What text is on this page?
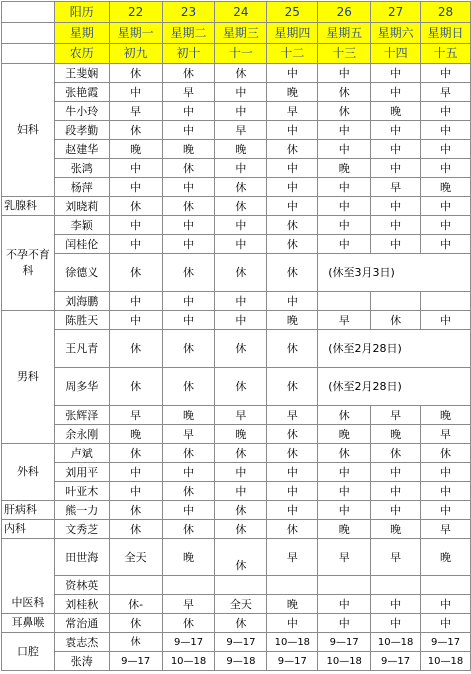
	阳历	22	23	24	25	26	27	28
	星期	星期一	星期二	星期三	星期四	星期五	星期六	星期日
	农历	初九	初十	十一	十二	十三	十四	十五
妇科	王斐娴	休	休	休	中	中	中	中
	张艳霞	中	早	中	晚	休	中	早
	牛小玲	早	中	中	早	休	晚	中
	段孝勤	休	中	早	中	中	中	中
	赵建华	晚	晚	晚	休	中	中	中
	张鸿	中	休	中	中	晚	中	中
	杨萍	中	中	休	中	中	早	晚
乳腺科	刘晓莉	休	休	休	中	中	中	中
不孕不育科	李颖	中	中	中	休	中	中	中
	闰桂伦	中	中	中	休	中	中	中
	徐德义	休	休	休	休	(休至3月3日)		
	刘海鹏	中	中	中	中			
男科	陈胜天	中	中	中	晚	早	休	中
	王凡青	休	休	休	休	(休至2月28日)		
	周多华	休	休	休	休	(休至2月28日)		
	张辉泽	早	晚	早	早	休	早	晚
	余永刚	晚	早	晚	休	晚	晚	早
外科	卢斌	休	休	休	休	休	休	休
	刘用平	中	中	中	中	中	中	中
	叶亚木	中	休	中	中	中	中	中
肝病科	熊一力	休	中	休	中	中	中	中
内科	文秀芝	休	休	休	休	晚	晚	早
中医科	田世海	全天	晚	休	早	早	早	晚
	资林英							
	刘桂秋	休-	早	全天	晚	中	中	中
耳鼻喉	常治通	休	休	休	中	中	中	中
口腔	袁志杰	休	9—17	9—17	10—18	9—17	10—18	9—17
	张涛	9—17	10—18	9—18	9—17	10—18	9—17	10—18
